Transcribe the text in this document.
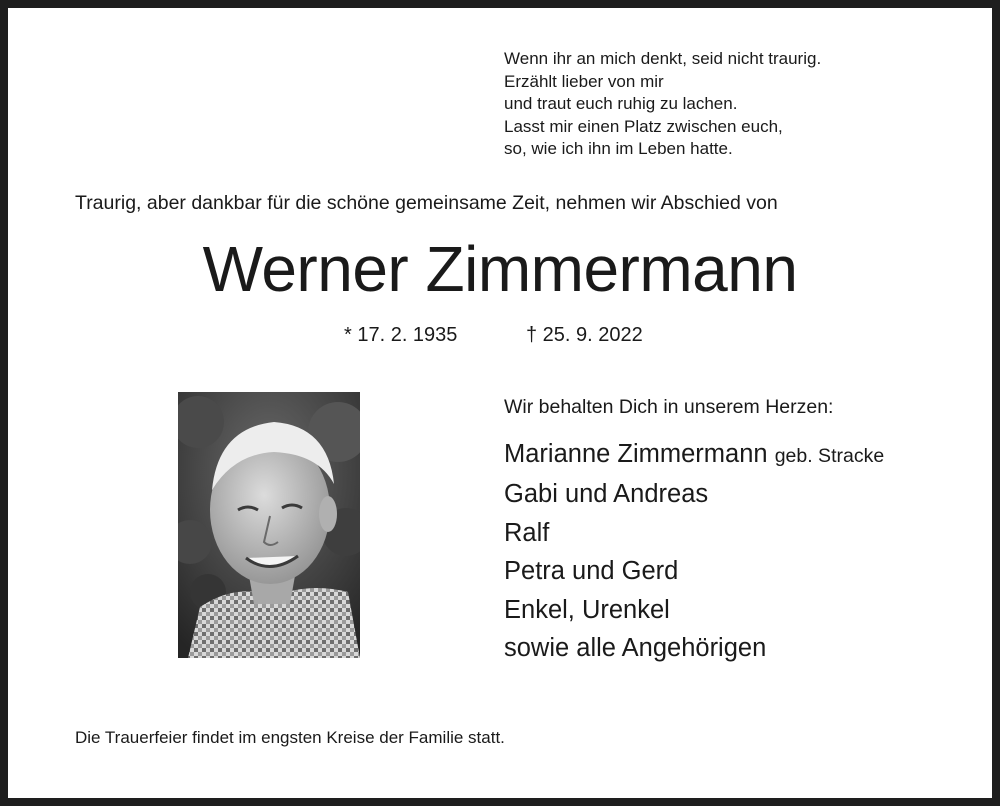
Wenn ihr an mich denkt, seid nicht traurig.
Erzählt lieber von mir
und traut euch ruhig zu lachen.
Lasst mir einen Platz zwischen euch,
so, wie ich ihn im Leben hatte.
Traurig, aber dankbar für die schöne gemeinsame Zeit, nehmen wir Abschied von
Werner Zimmermann
* 17. 2. 1935	† 25. 9. 2022
Wir behalten Dich in unserem Herzen:
Marianne Zimmermann geb. Stracke
Gabi und Andreas
Ralf
Petra und Gerd
Enkel, Urenkel
sowie alle Angehörigen
Die Trauerfeier findet im engsten Kreise der Familie statt.
